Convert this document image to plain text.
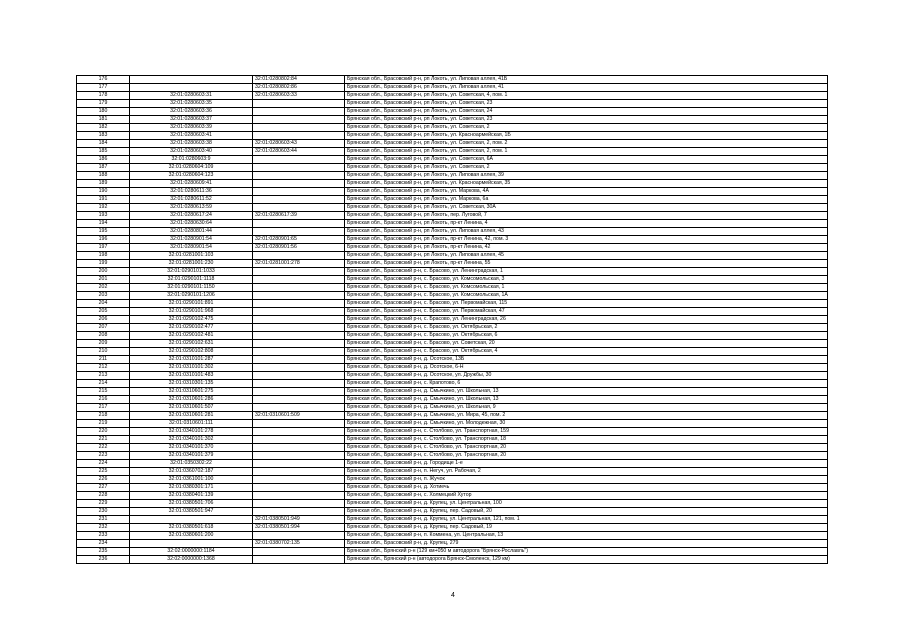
176		32:01:0280802:84	Брянская обл., Брасовский р-н, рп Локоть, ул. Липовая аллея, 41Б
177		32:01:0280802:86	Брянская обл., Брасовский р-н, рп Локоть, ул. Липовая аллея, 41
178	32:01:0280603:31	32:01:0280603:33	Брянская обл., Брасовский р-н, рп Локоть, ул. Советская, 4, пом. 1
179	32:01:0280603:35		Брянская обл., Брасовский р-н, рп Локоть, ул. Советская, 23
180	32:01:0280603:36		Брянская обл., Брасовский р-н, рп Локоть, ул. Советская, 24
181	32:01:0280603:37		Брянская обл., Брасовский р-н, рп Локоть, ул. Советская, 23
182	32:01:0280603:39		Брянская обл., Брасовский р-н, рп Локоть, ул. Советская, 2
183	32:01:0280603:41		Брянская обл., Брасовский р-н, рп Локоть, ул. Красноармейская, 1Б
184	32:01:0280603:38	32:01:0280603:43	Брянская обл., Брасовский р-н, рп Локоть, ул. Советская, 2, пом. 2
185	32:01:0280603:40	32:01:0280603:44	Брянская обл., Брасовский р-н, рп Локоть, ул. Советская, 2, пом. 1
186	32:01:0280603:9		Брянская обл., Брасовский р-н, рп Локоть, ул. Советская, 6А
187	32:01:0280604:109		Брянская обл., Брасовский р-н, рп Локоть, ул. Советская, 2
188	32:01:0280604:123		Брянская обл., Брасовский р-н, рп Локоть, ул. Липовая аллея, 39
189	32:01:0280609:41		Брянская обл., Брасовский р-н, рп Локоть, ул. Красноармейская, 35
190	32:01:0280611:36		Брянская обл., Брасовский р-н, рп Локоть, ул. Маркова, 4А
191	32:01:0280611:52		Брянская обл., Брасовский р-н, рп Локоть, ул. Маркова, 6а
192	32:01:0280613:59		Брянская обл., Брасовский р-н, рп Локоть, ул. Советская, 30А
193	32:01:0280617:24	32:01:0280617:39	Брянская обл., Брасовский р-н, рп Локоть, пер. Луговой, 7
194	32:01:0280630:64		Брянская обл., Брасовский р-н, рп Локоть, пр-кт Ленина, 4
195	32:01:0280801:44		Брянская обл., Брасовский р-н, рп Локоть, ул. Липовая аллея, 43
196	32:01:0280901:54	32:01:0280901:65	Брянская обл., Брасовский р-н, рп Локоть, пр-кт Ленина, 42, пом. 3
197	32:01:0280901:54	32:01:0280901:56	Брянская обл., Брасовский р-н, рп Локоть, пр-кт Ленина, 42
198	32:01:0281001:103		Брянская обл., Брасовский р-н, рп Локоть, ул. Липовая аллея, 45
199	32:01:0281001:230	32:01:0281001:278	Брянская обл., Брасовский р-н, рп Локоть, пр-кт Ленина, 55
200	32:01:0290101:1033		Брянская обл., Брасовский р-н, с. Брасово, ул. Ленинградская, 1
201	32:01:0290101:1118		Брянская обл., Брасовский р-н, с. Брасово, ул. Комсомольская, 3
202	32:01:0290101:1150		Брянская обл., Брасовский р-н, с. Брасово, ул. Комсомольская, 1
203	32:01:0290101:1206		Брянская обл., Брасовский р-н, с. Брасово, ул. Комсомольская, 1А
204	32:01:0290101:891		Брянская обл., Брасовский р-н, с. Брасово, ул. Первомайская, 115
205	32:01:0290101:968		Брянская обл., Брасовский р-н, с. Брасово, ул. Первомайская, 47
206	32:01:0290102:475		Брянская обл., Брасовский р-н, с. Брасово, ул. Ленинградская, 26
207	32:01:0290102:477		Брянская обл., Брасовский р-н, с. Брасово, ул. Октябрьская, 2
208	32:01:0290102:481		Брянская обл., Брасовский р-н, с. Брасово, ул. Октябрьская, 6
209	32:01:0290102:631		Брянская обл., Брасовский р-н, с. Брасово, ул. Советская, 20
210	32:01:0290102:808		Брянская обл., Брасовский р-н, с. Брасово, ул. Октябрьская, 4
211	32:01:0310101:287		Брянская обл., Брасовский р-н, д. Осотское, 13Б
212	32:01:0310101:302		Брянская обл., Брасовский р-н, д. Осотское, 6-Н
213	32:01:0310101:483		Брянская обл., Брасовский р-н, д. Осотское, ул. Дружбы, 30
214	32:01:0310301:135		Брянская обл., Брасовский р-н, с. Крапотово, 6
215	32:01:0310601:275		Брянская обл., Брасовский р-н, д. Смычкино, ул. Школьная, 13
216	32:01:0310601:286		Брянская обл., Брасовский р-н, д. Смычкино, ул. Школьная, 13
217	32:01:0310601:507		Брянская обл., Брасовский р-н, д. Смычкино, ул. Школьная, 9
218	32:01:0310601:281	32:01:0310601:509	Брянская обл., Брасовский р-н, д. Смычкино, ул. Мира, 45, пом. 2
219	32:01:0310601:111		Брянская обл., Брасовский р-н, д. Смычкино, ул. Молодежная, 30
220	32:01:0340101:278		Брянская обл., Брасовский р-н, с. Столбово, ул. Транспортная, 159
221	32:01:0340101:302		Брянская обл., Брасовский р-н, с. Столбово, ул. Транспортная, 18
222	32:01:0340101:370		Брянская обл., Брасовский р-н, с. Столбово, ул. Транспортная, 20
223	32:01:0340101:379		Брянская обл., Брасовский р-н, с. Столбово, ул. Транспортная, 20
224	32:01:0350302:22		Брянская обл., Брасовский р-н, д. Городище 1-е
225	32:01:0360702:187		Брянская обл., Брасовский р-н, п. Негуч, ул. Рабочая, 2
226	32:01:0361001:100		Брянская обл., Брасовский р-н, п. Жучок
227	32:01:0380301:171		Брянская обл., Брасовский р-н, д. Хотиечь
228	32:01:0380401:139		Брянская обл., Брасовский р-н, с. Холмецкий Хутор
229	32:01:0380501:706		Брянская обл., Брасовский р-н, д. Крупец, ул. Центральная, 100
230	32:01:0380501:947		Брянская обл., Брасовский р-н, д. Крупец, пер. Садовый, 20
231		32:01:0380501:949	Брянская обл., Брасовский р-н, д. Крупец, ул. Центральная, 121, пом. 1
232	32:01:0380501:618	32:01:0380501:994	Брянская обл., Брасовский р-н, д. Крупец, пер. Садовый, 19
233	32:01:0380601:200		Брянская обл., Брасовский р-н, п. Коммена, ул. Центральная, 13
234		32:01:0380702:135	Брянская обл., Брасовский р-н, д. Крупец, 279
235	32:02:0000000:1184		Брянская обл., Брянский р-н (129 км+050 м автодорога "Брянск-Рославль")
236	32:02:0000000:1368		Брянская обл., Брянский р-н (автодорога Брянск-Смоленск, 129 км)
4
